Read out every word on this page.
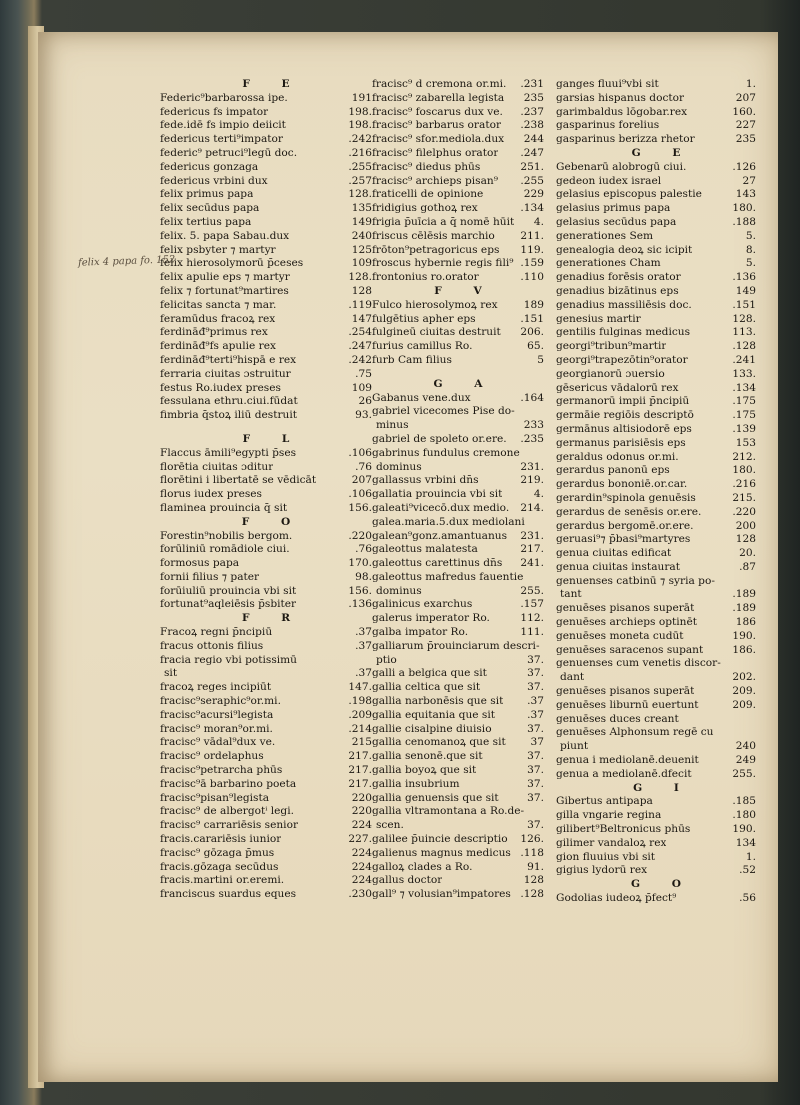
felix 4 papa fo. 152
F E
Federic⁹barbarossa ipe.	191
federicus fs impator	198.
fede.idē fs impio deiicit	198.
federicus terti⁹impator	.242
federic⁹ petruci⁹legū doc.	.216
federicus gonzaga	.255
federicus vrbini dux	.257
felix primus papa	128.
felix secūdus papa	135
felix tertius papa	149
felix. 5. papa Sabau.dux	240
felix psbyter ⁊ martyr	125
felix hierosolymorū p̄ceses	109
felix apulie eps ⁊ martyr	128.
felix ⁊ fortunat⁹martires	128
felicitas sancta ⁊ mar.	.119
feramūdus fracoꝝ rex	147
ferdināđ⁹primus rex	.254
ferdināđ⁹fs apulie rex	.247
ferdināđ⁹terti⁹hispā e rex	.242
ferraria ciuitas ɔstruitur	.75
festus Ro.iudex preses	109
fessulana ethru.ciui.fūdat	26
fimbria q̄stoꝝ iliū destruit	93.
F L
Flaccus āmili⁹egypti p̄ses	.106
florētia ciuitas ɔditur	.76
florētini i libertatē se vēdicāt	207
florus iudex preses	.106
flaminea prouincia q̄ sit	156.
F O
Forestin⁹nobilis bergom.	.220
forūliniū romādiole ciui.	.76
formosus papa	170.
fornii filius ⁊ pater	98.
forūiuliū prouincia vbi sit	156.
fortunat⁹aqleiēsis p̄sbiter	.136
F R
Fracoꝝ regni p̄ncipiū	.37
fracus ottonis filius	.37
fracia regio vbi potissimū
sit	.37
fracoꝝ reges incipiūt	147.
fracisc⁹seraphic⁹or.mi.	.198
fracisc⁹acursi⁹legista	.209
fracisc⁹ moran⁹or.mi.	.214
fracisc⁹ vādal⁹dux ve.	215
fracisc⁹ ordelaphus	217.
fracisc⁹petrarcha phūs	217.
fracisc⁹ā barbarino poeta	217.
fracisc⁹pisan⁹legista	220
fracisc⁹ de albergotⁱ legi.	220
fracisc⁹ carrariēsis senior	224
fracis.carariēsis iunior	227.
fracisc⁹ gōzaga p̄mus	224
fracis.gōzaga secūdus	224
fracis.martini or.eremi.	224
franciscus suardus eques	.230
fracisc⁹ d̄ cremona or.mi. .231
fracisc⁹ zabarella legista 235
fracisc⁹ foscarus dux ve. .237
fracisc⁹ barbarus orator .238
fracisc⁹ sfor.mediola.dux 244
fracisc⁹ filelphus orator .247
fracisc⁹ diedus phūs	251.
fracisc⁹ archieps pisan⁹ .255
fraticelli de opinione	229
fridigius gothoꝝ rex	.134
frigia p̄uīcia a q̄ nomē hūit 4.
friscus cēlēsis marchio 211.
frōton⁹petragoricus eps 119.
froscus hybernie regis fili⁹ .159
frontonius ro.orator	.110
F V
Fulco hierosolymoꝝ rex 189
fulgētius apher eps	.151
fulgineū ciuitas destruit 206.
furius camillus Ro.	65.
furb Cam filius	5
G A
Gabanus vene.dux	.164
gabriel vicecomes Pise do-
minus	233
gabriel de spoleto or.ere. .235
gabrinus fundulus cremone
dominus	231.
gallassus vrbini dn̄s	219.
gallatia prouincia vbi sit	4.
galeati⁹vicecō.dux medio. 214.
galea.maria.5.dux mediolani
galean⁹gonz.amantuanus 231.
galeottus malatesta	217.
galeottus carettinus dn̄s 241.
galeottus mafredus fauentie
dominus	255.
galinicus exarchus	.157
galerus imperator Ro.	112.
galba impator Ro.	111.
galliarum p̄rouinciarum descri-
ptio	37.
galli a belgica que sit	37.
gallia celtica que sit	37.
gallia narbonēsis que sit .37
gallia equitania que sit	.37
gallie cisalpine diuisio	37.
gallia cenomanoꝝ que sit 37
gallia senonē.que sit	37.
gallia boyoꝝ que sit	37.
gallia insubrium	37.
gallia genuensis que sit	37.
gallia vltramontana a Ro.de-
scen.	37.
galilee p̄uincie descriptio 126.
galienus magnus medicus .118
galloꝝ clades a Ro.	91.
gallus doctor	128
gall⁹ ⁊ volusian⁹impatores .128
ganges fluui⁹vbi sit	1.
garsias hispanus doctor	207
garimbaldus lōgobar.rex	160.
gasparinus forelius	227
gasparinus berizza rhetor	235
G E
Gebenarū alobrogū ciui.	.126
gedeon iudex israel	27
gelasius episcopus palestie	143
gelasius primus papa	180.
gelasius secūdus papa	.188
generationes Sem	5.
genealogia deoꝝ sic icipit	8.
generationes Cham	5.
genadius forēsis orator	.136
genadius bizātinus eps	149
genadius massiliēsis doc.	.151
genesius martir	128.
gentilis fulginas medicus	113.
georgi⁹tribun⁹martir	.128
georgi⁹trapezōtin⁹orator	.241
georgianorū ɔuersio	133.
gēsericus vādalorū rex	.134
germanorū impii p̄ncipiū	.175
germāie regiōis descriptō	.175
germānus altisiodorē eps	.139
germanus parisiēsis eps	153
geraldus odonus or.mi.	212.
gerardus panonū eps	180.
gerardus bononiē.or.car.	.216
gerardin⁹spinola genuēsis	215.
gerardus de senēsis or.ere.	.220
gerardus bergomē.or.ere.	200
geruasi⁹⁊ p̄basi⁹martyres	128
genua ciuitas edificat	20.
genua ciuitas instaurat	.87
genuenses catbinū ⁊ syria po-
tant	.189
genuēses pisanos superāt	.189
genuēses archieps optinēt	186
genuēses moneta cudūt	190.
genuēses saracenos supant	186.
genuenses cum venetis discor-
dant	202.
genuēses pisanos superāt	209.
genuēses liburnū euertunt	209.
genuēses duces creant
genuēses Alphonsum regē cu
piunt	240
genua i mediolanē.deuenit	249
genua a mediolanē.dfecit	255.
G I
Gibertus antipapa	.185
gilla vngarie regina	.180
gilibert⁹Beltronicus phūs	190.
gilimer vandaloꝝ rex	134
gion fluuius vbi sit	1.
gigius lydorū rex	.52
G O
Godolias iudeoꝝ p̄fect⁹	.56
